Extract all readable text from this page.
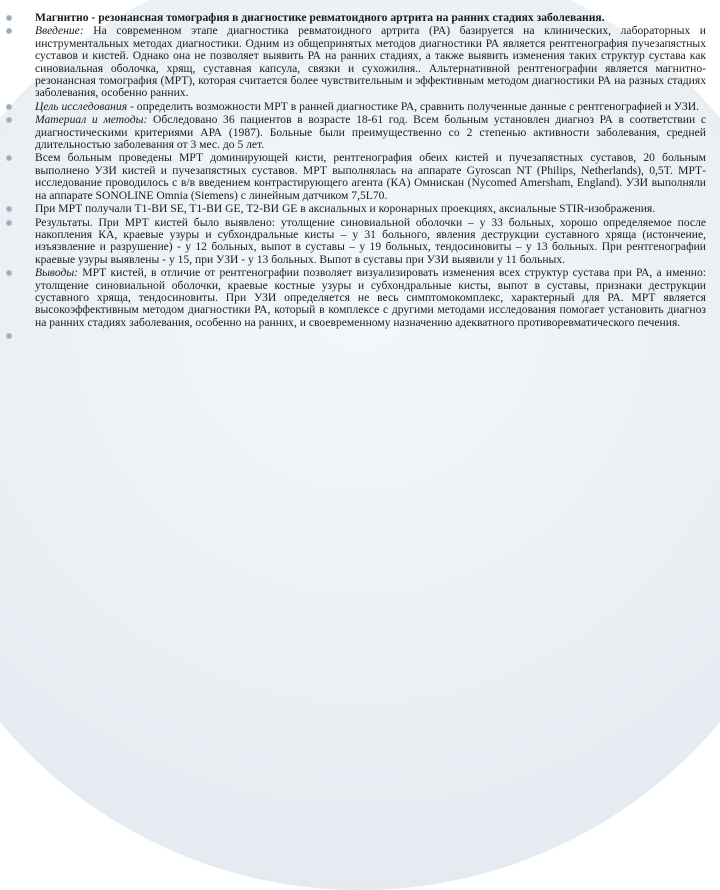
Магнитно - резонансная томография в диагностике ревматоидного артрита на ранних стадиях заболевания.
Введение: На современном этапе диагностика ревматоидного артрита (РА) базируется на клинических, лабораторных и инструментальных методах диагностики. Одним из общепринятых методов диагностики РА является рентгенография пучезапястных суставов и кистей. Однако она не позволяет выявить РА на ранних стадиях, а также выявить изменения таких структур сустава как синовиальная оболочка, хрящ, суставная капсула, связки и сухожилия.. Альтернативной рентгенографии является магнитно-резонансная томография (МРТ), которая считается более чувствительным и эффективным методом диагностики РА на разных стадиях заболевания, особенно ранних.
Цель исследования - определить возможности МРТ в ранней диагностике РА, сравнить полученные данные с рентгенографией и УЗИ.
Материал и методы: Обследовано 36 пациентов в возрасте 18-61 год. Всем больным установлен диагноз РА в соответствии с диагностическими критериями АРА (1987). Больные были преимущественно со 2 степенью активности заболевания, средней длительностью заболевания от 3 мес. до 5 лет.
Всем больным проведены МРТ доминирующей кисти, рентгенография обеих кистей и пучезапястных суставов, 20 больным выполнено УЗИ кистей и пучезапястных суставов. МРТ выполнялась на аппарате Gyroscan NT (Philips, Netherlands), 0,5T. МРТ-исследование проводилось с в/в введением контрастирующего агента (КА) Омнискан (Nycomed Amersham, England). УЗИ выполняли на аппарате SONOLINE Omnia (Siemens) с линейным датчиком 7,5L70.
При МРТ получали T1-ВИ SE, T1-ВИ GE, T2-ВИ GE в аксиальных и коронарных проекциях, аксиальные STIR-изображения.
Результаты. При МРТ кистей было выявлено: утолщение синовиальной оболочки – у 33 больных, хорошо определяемое после накопления КА, краевые узуры и субхондральные кисты – у 31 больного, явления деструкции суставного хряща (истончение, изъязвление и разрушение) - у 12 больных, выпот в суставы – у 19 больных, тендосиновиты – у 13 больных. При рентгенографии краевые узуры выявлены - у 15, при УЗИ - у 13 больных. Выпот в суставы при УЗИ выявили у 11 больных.
Выводы: МРТ кистей, в отличие от рентгенографии позволяет визуализировать изменения всех структур сустава при РА, а именно: утолщение синовиальной оболочки, краевые костные узуры и субхондральные кисты, выпот в суставы, признаки деструкции суставного хряща, тендосиновиты. При УЗИ определяется не весь симптомокомплекс, характерный для РА. МРТ является высокоэффективным методом диагностики РА, который в комплексе с другими методами исследования помогает установить диагноз на ранних стадиях заболевания, особенно на ранних, и своевременному назначению адекватного противоревматического печения.
